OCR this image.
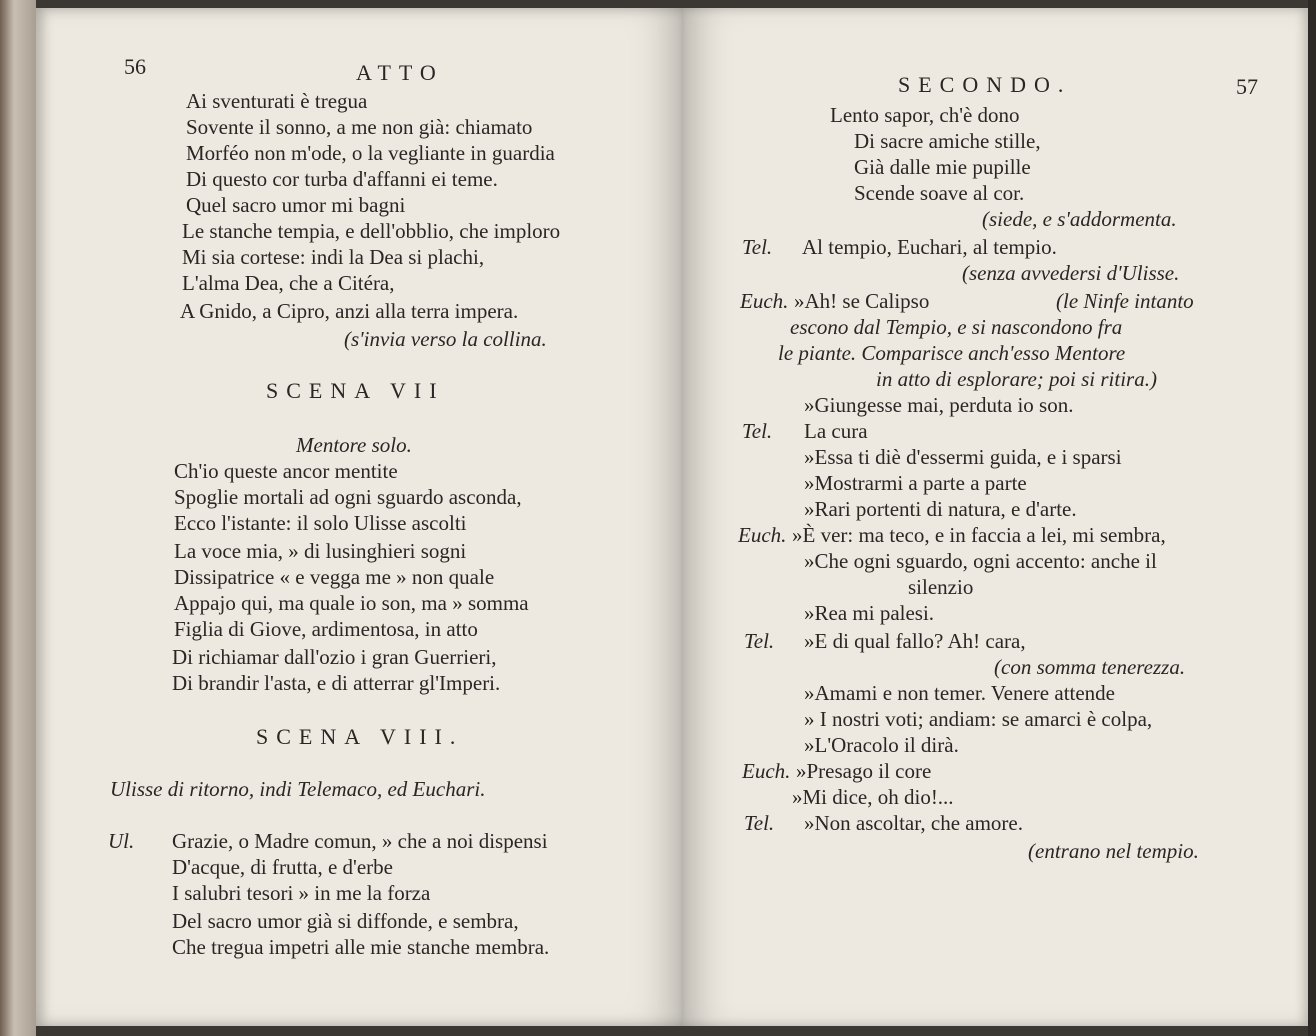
56	ATTO
Ai sventurati è tregua
Sovente il sonno, a me non già: chiamato
Morféo non m'ode, o la vegliante in guardia
Di questo cor turba d'affanni ei teme.
Quel sacro umor mi bagni
Le stanche tempia, e dell'obblio, che imploro
Mi sia cortese: indi la Dea si plachi,
L'alma Dea, che a Citéra,
A Gnido, a Cipro, anzi alla terra impera.
(s'invia verso la collina.
SCENA VII
Mentore solo.
Ch'io queste ancor mentite
Spoglie mortali ad ogni sguardo asconda,
Ecco l'istante: il solo Ulisse ascolti
La voce mia, » di lusinghieri sogni
Dissipatrice « e vegga me » non quale
Appajo qui, ma quale io son, ma » somma
Figlia di Giove, ardimentosa, in atto
Di richiamar dall'ozio i gran Guerrieri,
Di brandir l'asta, e di atterrar gl'Imperi.
SCENA VIII.
Ulisse di ritorno, indi Telemaco, ed Euchari.
Ul. Grazie, o Madre comun, » che a noi dispensi
D'acque, di frutta, e d'erbe
I salubri tesori » in me la forza
Del sacro umor già si diffonde, e sembra,
Che tregua impetri alle mie stanche membra.
SECONDO.	57
Lento sapor, ch'è dono
Di sacre amiche stille,
Già dalle mie pupille
Scende soave al cor.
(siede, e s'addormenta.
Tel. Al tempio, Euchari, al tempio.
(senza avvedersi d'Ulisse.
Euch. »Ah! se Calipso	(le Ninfe intanto
escono dal Tempio, e si nascondono fra
le piante. Comparisce anch'esso Mentore
in atto di esplorare; poi si ritira.)
»Giungesse mai, perduta io son.
Tel. La cura
»Essa ti diè d'essermi guida, e i sparsi
»Mostrarmi a parte a parte
»Rari portenti di natura, e d'arte.
Euch. »È ver: ma teco, e in faccia a lei, mi sembra,
»Che ogni sguardo, ogni accento: anche il
silenzio
»Rea mi palesi.
Tel. »E di qual fallo? Ah! cara,
(con somma tenerezza.
»Amami e non temer. Venere attende
» I nostri voti; andiam: se amarci è colpa,
»L'Oracolo il dirà.
Euch. »Presago il core
»Mi dice, oh dio!...
Tel. »Non ascoltar, che amore.
(entrano nel tempio.
